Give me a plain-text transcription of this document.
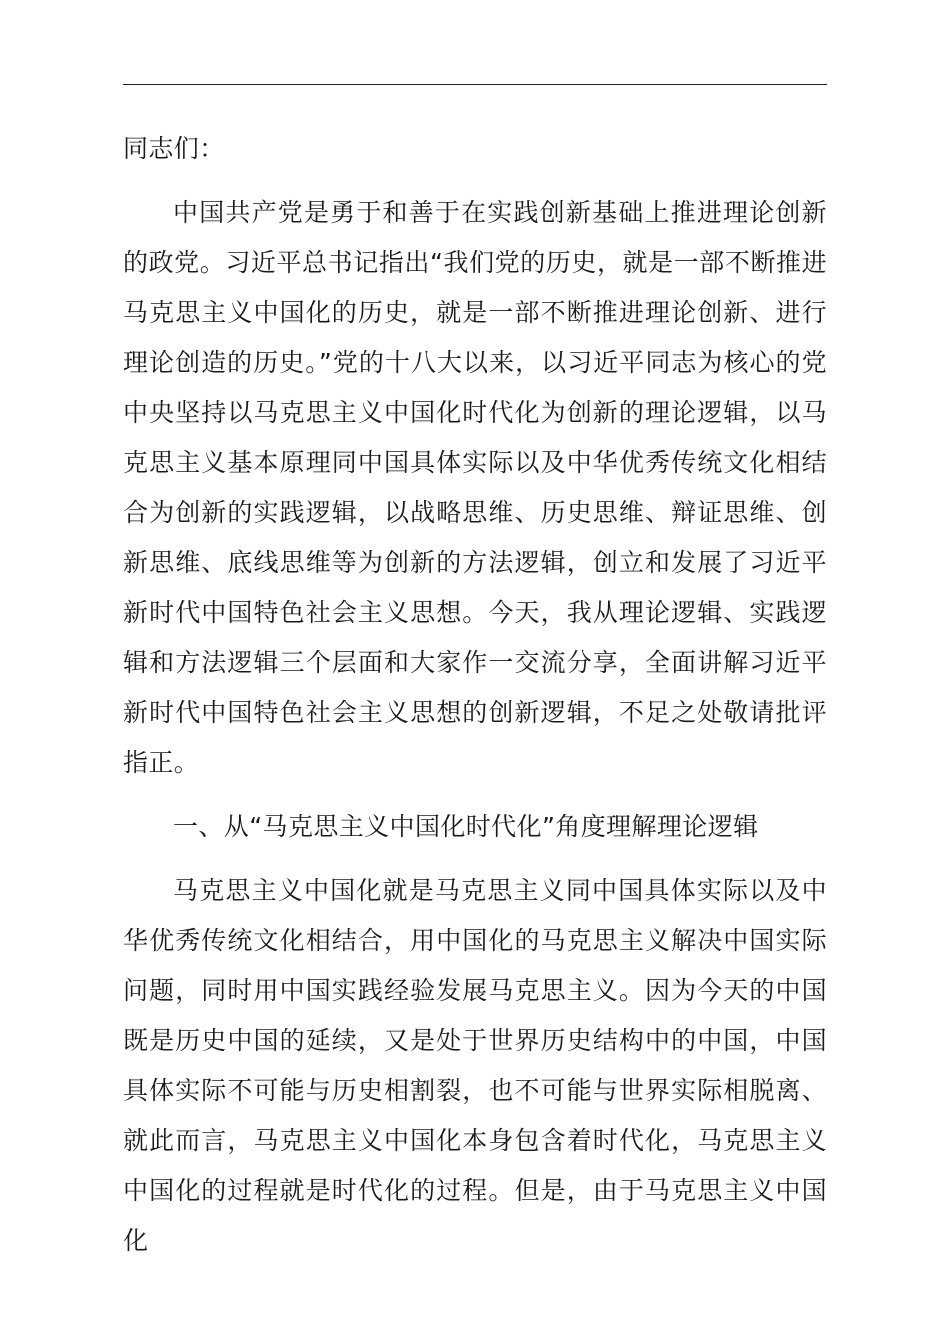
同志们：

中国共产党是勇于和善于在实践创新基础上推进理论创新的政党。习近平总书记指出“我们党的历史，就是一部不断推进马克思主义中国化的历史，就是一部不断推进理论创新、进行理论创造的历史。”党的十八大以来，以习近平同志为核心的党中央坚持以马克思主义中国化时代化为创新的理论逻辑，以马克思主义基本原理同中国具体实际以及中华优秀传统文化相结合为创新的实践逻辑，以战略思维、历史思维、辩证思维、创新思维、底线思维等为创新的方法逻辑，创立和发展了习近平新时代中国特色社会主义思想。今天，我从理论逻辑、实践逻辑和方法逻辑三个层面和大家作一交流分享，全面讲解习近平新时代中国特色社会主义思想的创新逻辑，不足之处敬请批评指正。

一、从“马克思主义中国化时代化”角度理解理论逻辑

马克思主义中国化就是马克思主义同中国具体实际以及中华优秀传统文化相结合，用中国化的马克思主义解决中国实际问题，同时用中国实践经验发展马克思主义。因为今天的中国既是历史中国的延续，又是处于世界历史结构中的中国，中国具体实际不可能与历史相割裂，也不可能与世界实际相脱离、就此而言，马克思主义中国化本身包含着时代化，马克思主义中国化的过程就是时代化的过程。但是，由于马克思主义中国化
